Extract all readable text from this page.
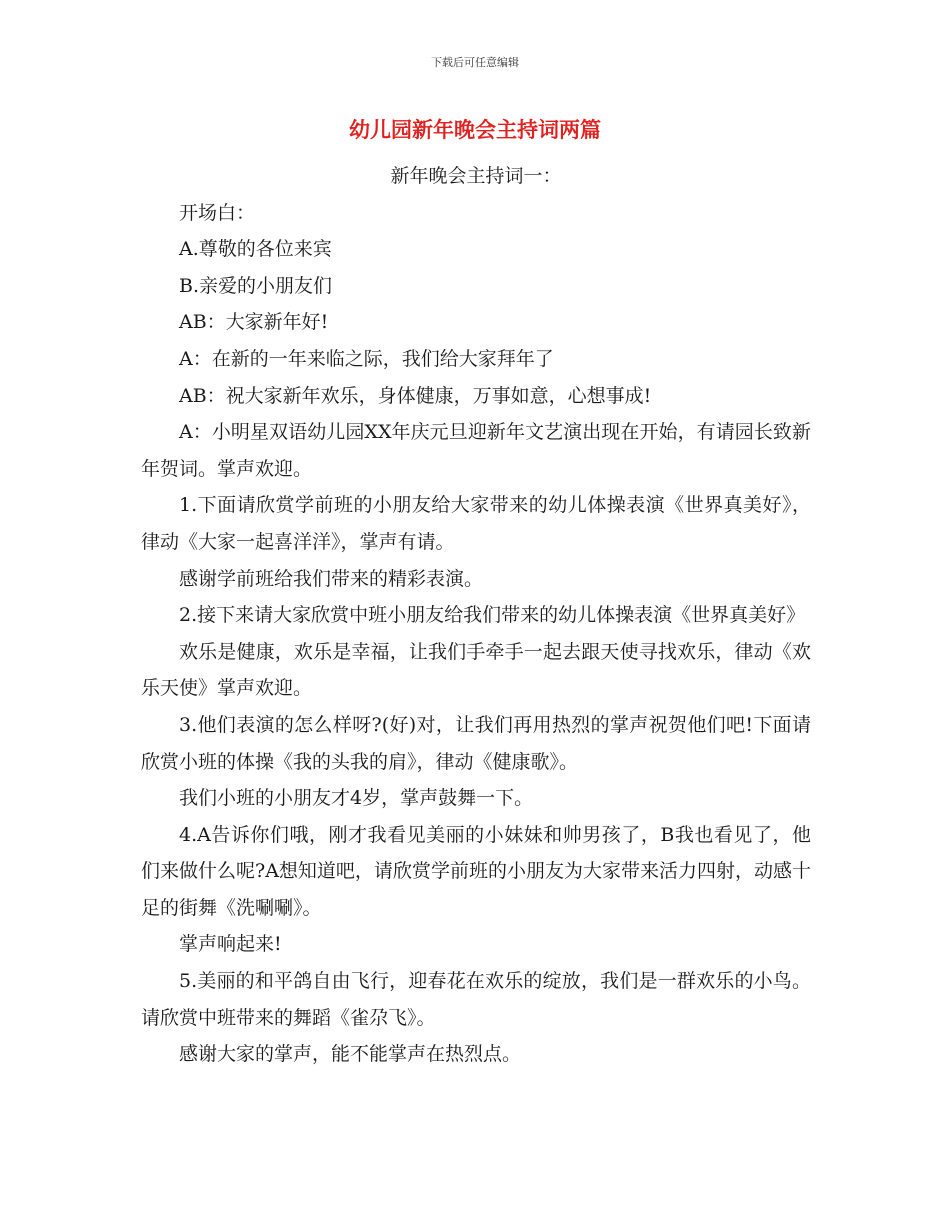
下载后可任意编辑
幼儿园新年晚会主持词两篇

新年晚会主持词一：

开场白：

A.尊敬的各位来宾

B.亲爱的小朋友们

AB：大家新年好!

A：在新的一年来临之际，我们给大家拜年了

AB：祝大家新年欢乐，身体健康，万事如意，心想事成!

A：小明星双语幼儿园XX年庆元旦迎新年文艺演出现在开始，有请园长致新年贺词。掌声欢迎。

1.下面请欣赏学前班的小朋友给大家带来的幼儿体操表演《世界真美好》，律动《大家一起喜洋洋》，掌声有请。

感谢学前班给我们带来的精彩表演。

2.接下来请大家欣赏中班小朋友给我们带来的幼儿体操表演《世界真美好》

欢乐是健康，欢乐是幸福，让我们手牵手一起去跟天使寻找欢乐，律动《欢乐天使》掌声欢迎。

3.他们表演的怎么样呀?(好)对，让我们再用热烈的掌声祝贺他们吧!下面请欣赏小班的体操《我的头我的肩》，律动《健康歌》。

我们小班的小朋友才4岁，掌声鼓舞一下。

4.A告诉你们哦，刚才我看见美丽的小妹妹和帅男孩了，B我也看见了，他们来做什么呢?A想知道吧，请欣赏学前班的小朋友为大家带来活力四射，动感十足的街舞《洗唰唰》。

掌声响起来!

5.美丽的和平鸽自由飞行，迎春花在欢乐的绽放，我们是一群欢乐的小鸟。请欣赏中班带来的舞蹈《雀尕飞》。

感谢大家的掌声，能不能掌声在热烈点。
